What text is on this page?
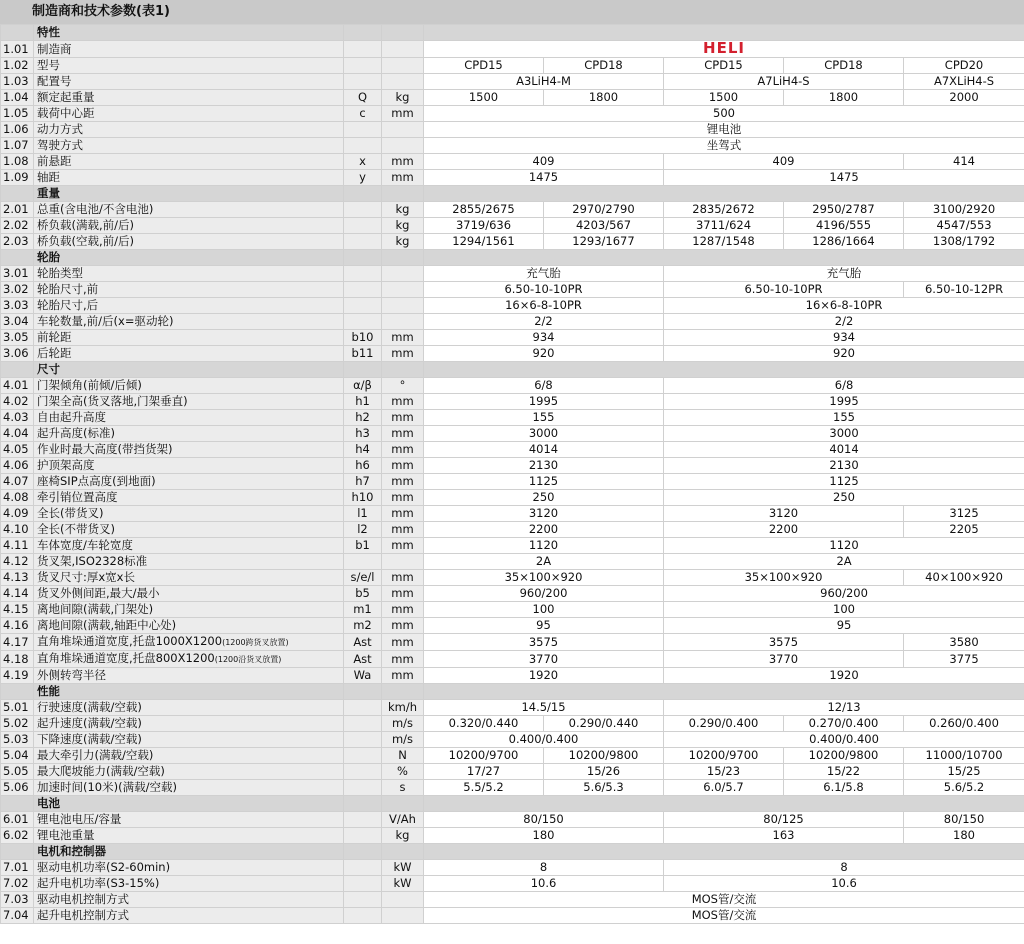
制造商和技术参数(表1)
	特性							
1.01	制造商			HELI				
1.02	型号			CPD15	CPD18	CPD15	CPD18	CPD20
1.03	配置号			A3LiH4-M		A7LiH4-S		A7XLiH4-S
1.04	额定起重量	Q	kg	1500	1800	1500	1800	2000
1.05	载荷中心距	c	mm	500				
1.06	动力方式			锂电池				
1.07	驾驶方式			坐驾式				
1.08	前悬距	x	mm	409		409		414
1.09	轴距	y	mm	1475		1475		
	重量							
2.01	总重(含电池/不含电池)		kg	2855/2675	2970/2790	2835/2672	2950/2787	3100/2920
2.02	桥负载(满载,前/后)		kg	3719/636	4203/567	3711/624	4196/555	4547/553
2.03	桥负载(空载,前/后)		kg	1294/1561	1293/1677	1287/1548	1286/1664	1308/1792
	轮胎							
3.01	轮胎类型			充气胎		充气胎		
3.02	轮胎尺寸,前			6.50-10-10PR		6.50-10-10PR		6.50-10-12PR
3.03	轮胎尺寸,后			16×6-8-10PR		16×6-8-10PR		
3.04	车轮数量,前/后(x=驱动轮)			2/2		2/2		
3.05	前轮距	b10	mm	934		934		
3.06	后轮距	b11	mm	920		920		
	尺寸							
4.01	门架倾角(前倾/后倾)	α/β	°	6/8		6/8		
4.02	门架全高(货叉落地,门架垂直)	h1	mm	1995		1995		
4.03	自由起升高度	h2	mm	155		155		
4.04	起升高度(标准)	h3	mm	3000		3000		
4.05	作业时最大高度(带挡货架)	h4	mm	4014		4014		
4.06	护顶架高度	h6	mm	2130		2130		
4.07	座椅SIP点高度(到地面)	h7	mm	1125		1125		
4.08	牵引销位置高度	h10	mm	250		250		
4.09	全长(带货叉)	l1	mm	3120		3120		3125
4.10	全长(不带货叉)	l2	mm	2200		2200		2205
4.11	车体宽度/车轮宽度	b1	mm	1120		1120		
4.12	货叉架,ISO2328标准			2A		2A		
4.13	货叉尺寸:厚x宽x长	s/e/l	mm	35×100×920		35×100×920		40×100×920
4.14	货叉外侧间距,最大/最小	b5	mm	960/200		960/200		
4.15	离地间隙(满载,门架处)	m1	mm	100		100		
4.16	离地间隙(满载,轴距中心处)	m2	mm	95		95		
4.17	直角堆垛通道宽度,托盘1000X1200(1200跨货叉放置)	Ast	mm	3575		3575		3580
4.18	直角堆垛通道宽度,托盘800X1200(1200沿货叉放置)	Ast	mm	3770		3770		3775
4.19	外侧转弯半径	Wa	mm	1920		1920		
	性能							
5.01	行驶速度(满载/空载)		km/h	14.5/15		12/13		
5.02	起升速度(满载/空载)		m/s	0.320/0.440	0.290/0.440	0.290/0.400	0.270/0.400	0.260/0.400
5.03	下降速度(满载/空载)		m/s	0.400/0.400		0.400/0.400		
5.04	最大牵引力(满载/空载)		N	10200/9700	10200/9800	10200/9700	10200/9800	11000/10700
5.05	最大爬坡能力(满载/空载)		%	17/27	15/26	15/23	15/22	15/25
5.06	加速时间(10米)(满载/空载)		s	5.5/5.2	5.6/5.3	6.0/5.7	6.1/5.8	5.6/5.2
	电池							
6.01	锂电池电压/容量		V/Ah	80/150		80/125		80/150
6.02	锂电池重量		kg	180		163		180
	电机和控制器							
7.01	驱动电机功率(S2-60min)		kW	8		8		
7.02	起升电机功率(S3-15%)		kW	10.6		10.6		
7.03	驱动电机控制方式			MOS管/交流				
7.04	起升电机控制方式			MOS管/交流				
